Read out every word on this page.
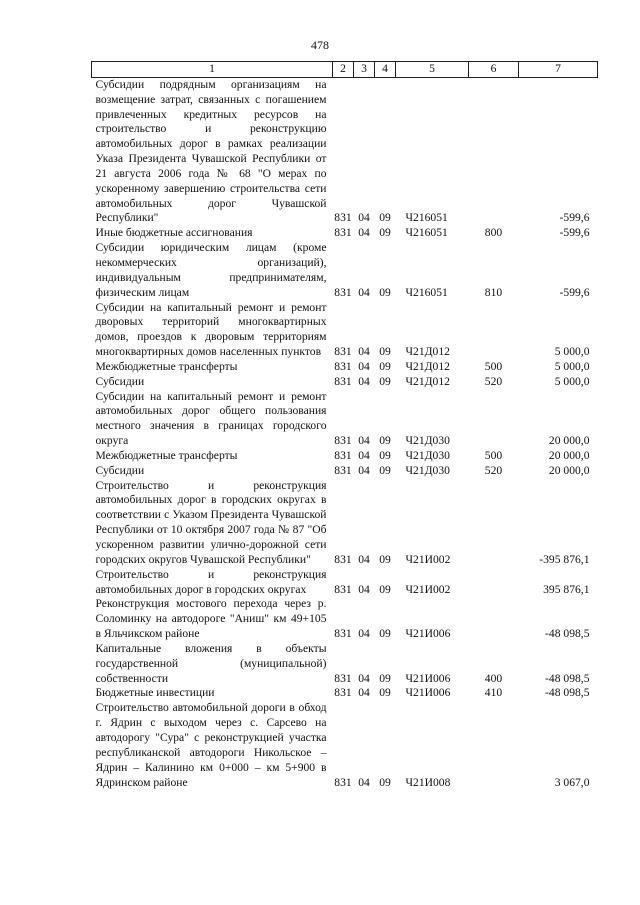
478
1	2	3	4	5	6	7
Субсидии подрядным организациям на возмещение затрат, связанных с погашением привлеченных кредитных ресурсов на строительство и реконструкцию автомобильных дорог в рамках реализации Указа Президента Чувашской Республики от 21 августа 2006 года № 68 "О мерах по ускоренному завершению строительства сети автомобильных дорог Чувашской Республики"	831	04	09	Ч216051		-599,6
Иные бюджетные ассигнования	831	04	09	Ч216051	800	-599,6
Субсидии юридическим лицам (кроме некоммерческих организаций), индивидуальным предпринимателям, физическим лицам	831	04	09	Ч216051	810	-599,6
Субсидии на капитальный ремонт и ремонт дворовых территорий многоквартирных домов, проездов к дворовым территориям многоквартирных домов населенных пунктов	831	04	09	Ч21Д012		5 000,0
Межбюджетные трансферты	831	04	09	Ч21Д012	500	5 000,0
Субсидии	831	04	09	Ч21Д012	520	5 000,0
Субсидии на капитальный ремонт и ремонт автомобильных дорог общего пользования местного значения в границах городского округа	831	04	09	Ч21Д030		20 000,0
Межбюджетные трансферты	831	04	09	Ч21Д030	500	20 000,0
Субсидии	831	04	09	Ч21Д030	520	20 000,0
Строительство и реконструкция автомобильных дорог в городских округах в соответствии с Указом Президента Чувашской Республики от 10 октября 2007 года № 87 "Об ускоренном развитии улично-дорожной сети городских округов Чувашской Республики"	831	04	09	Ч21И002		-395 876,1
Строительство и реконструкция автомобильных дорог в городских округах	831	04	09	Ч21И002		395 876,1
Реконструкция мостового перехода через р. Соломинку на автодороге "Аниш" км 49+105 в Яльчикском районе	831	04	09	Ч21И006		-48 098,5
Капитальные вложения в объекты государственной (муниципальной) собственности	831	04	09	Ч21И006	400	-48 098,5
Бюджетные инвестиции	831	04	09	Ч21И006	410	-48 098,5
Строительство автомобильной дороги в обход г. Ядрин с выходом через с. Сарсево на автодорогу "Сура" с реконструкцией участка республиканской автодороги Никольское – Ядрин – Калинино км 0+000 – км 5+900 в Ядринском районе	831	04	09	Ч21И008		3 067,0
